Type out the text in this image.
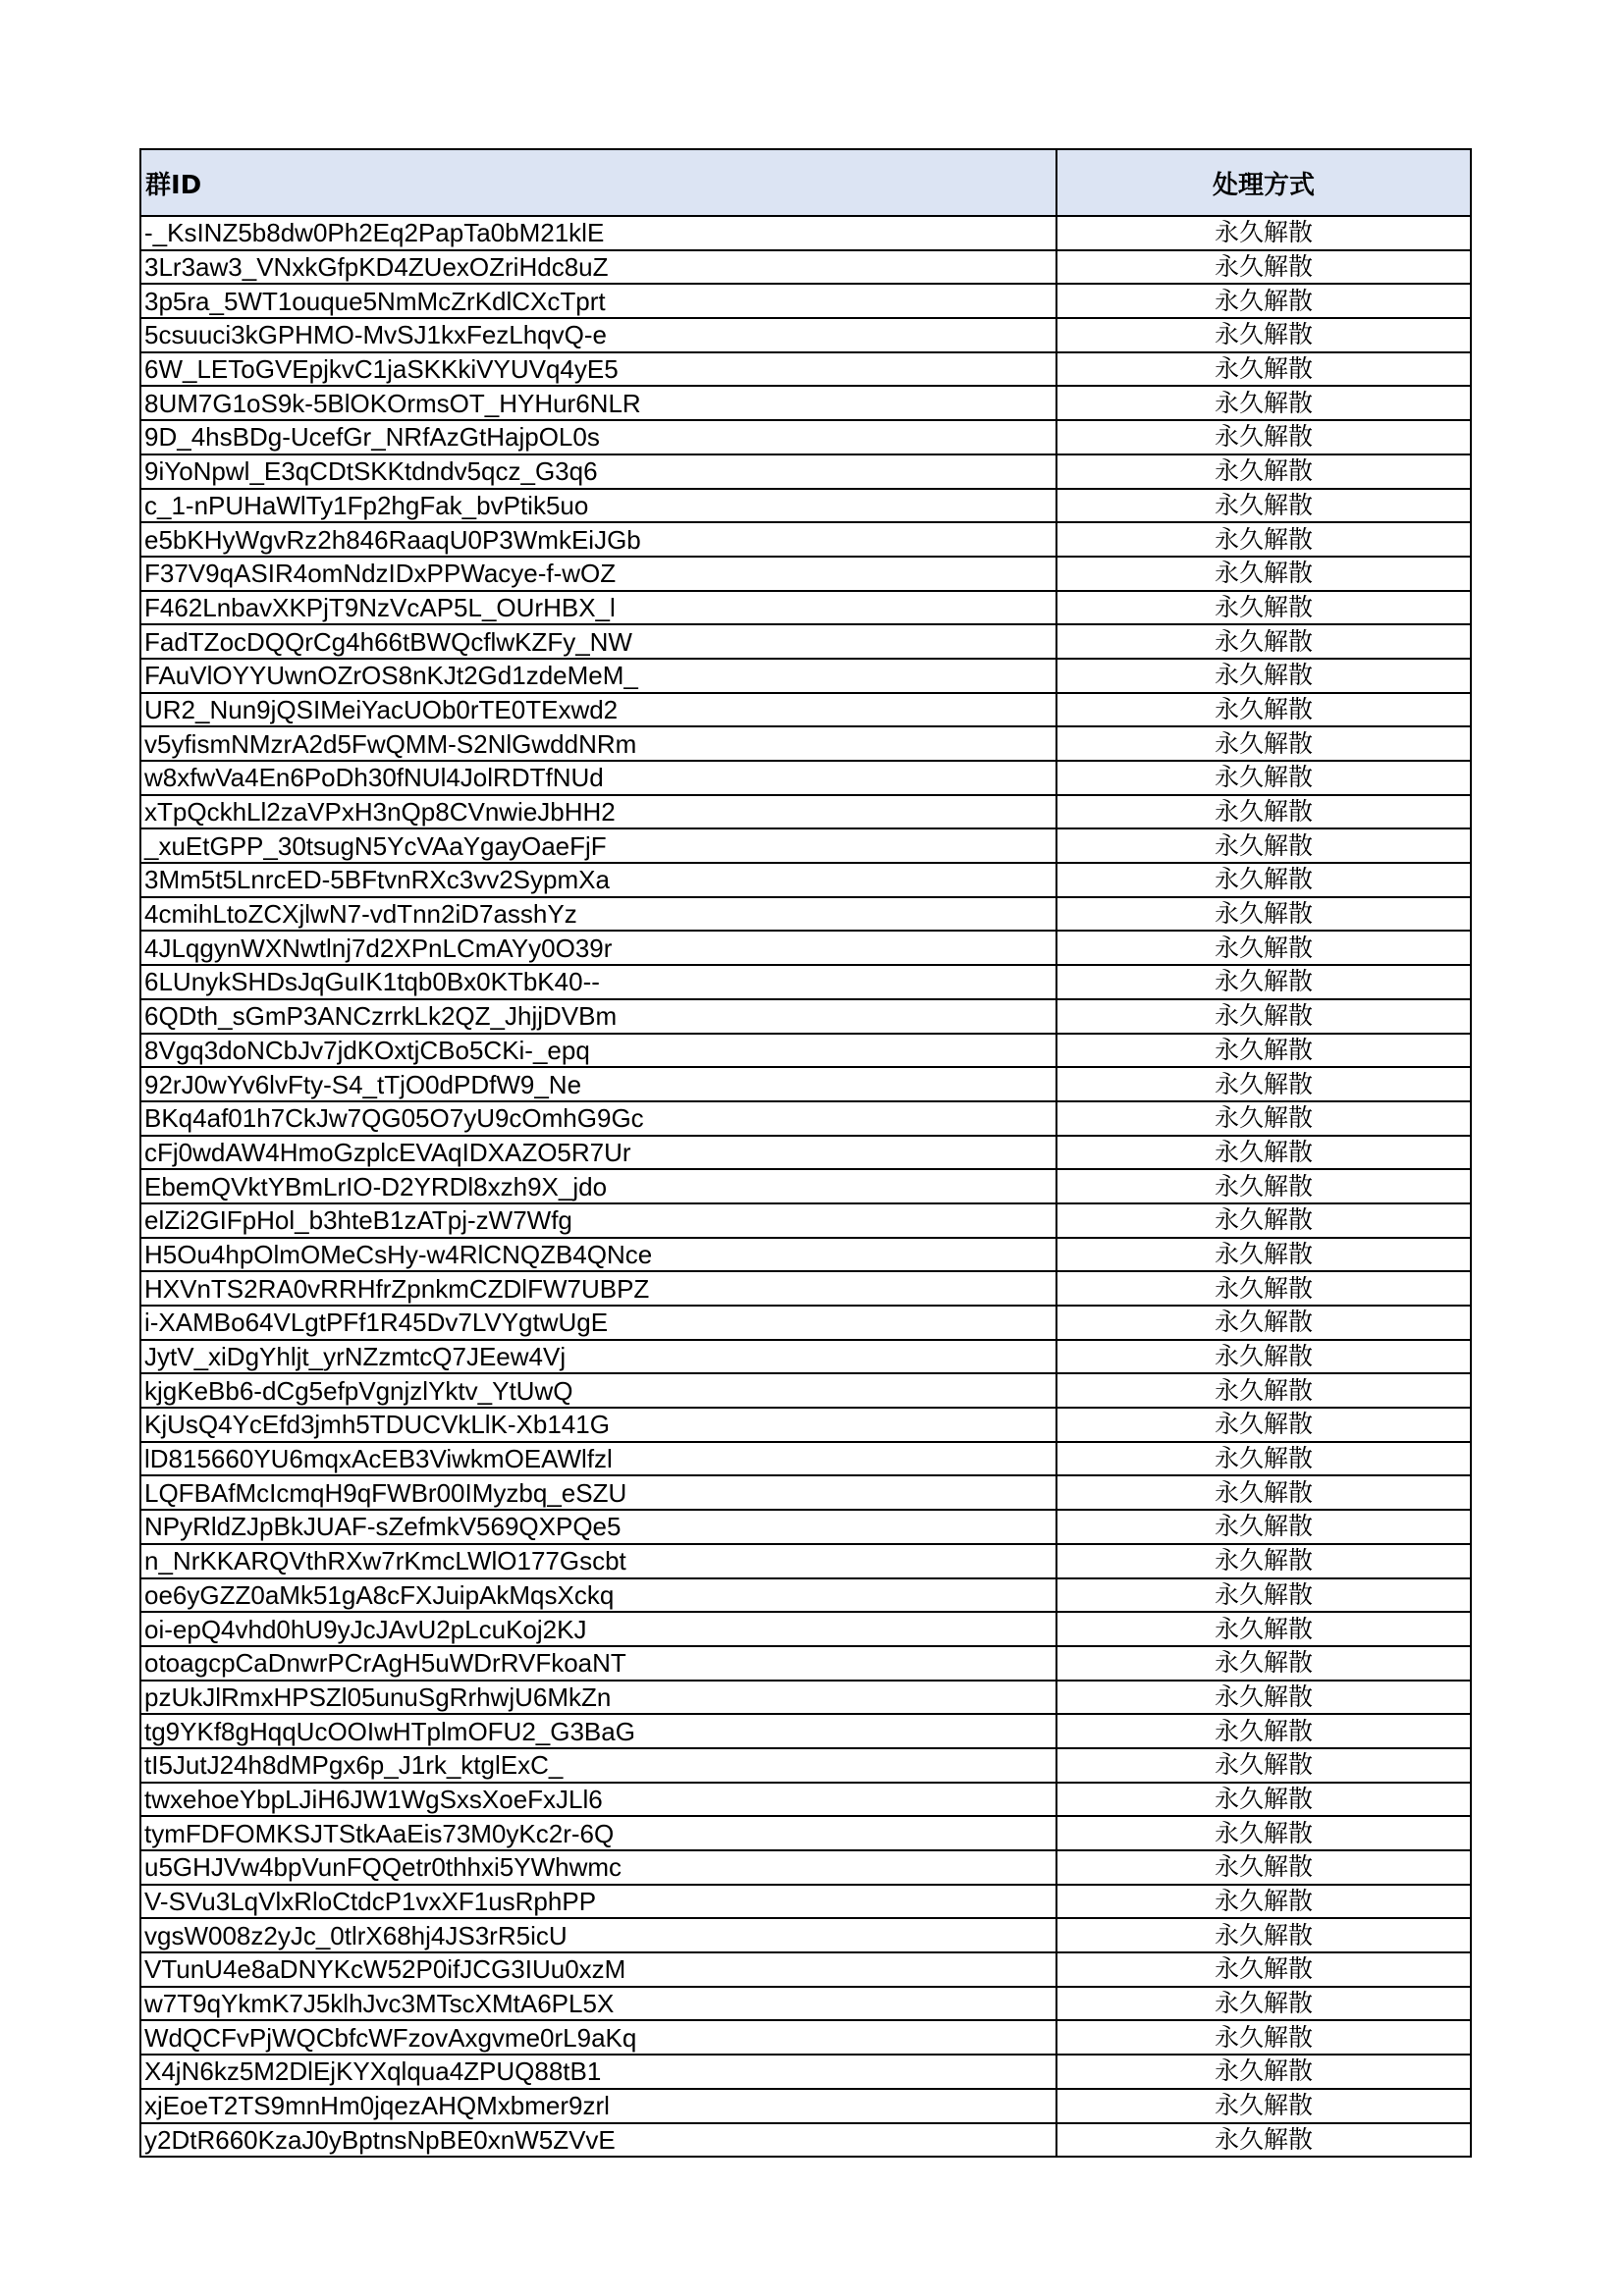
群ID	处理方式
-_KsINZ5b8dw0Ph2Eq2PapTa0bM21klE	永久解散
3Lr3aw3_VNxkGfpKD4ZUexOZriHdc8uZ	永久解散
3p5ra_5WT1ouque5NmMcZrKdlCXcTprt	永久解散
5csuuci3kGPHMO-MvSJ1kxFezLhqvQ-e	永久解散
6W_LEToGVEpjkvC1jaSKKkiVYUVq4yE5	永久解散
8UM7G1oS9k-5BlOKOrmsOT_HYHur6NLR	永久解散
9D_4hsBDg-UcefGr_NRfAzGtHajpOL0s	永久解散
9iYoNpwl_E3qCDtSKKtdndv5qcz_G3q6	永久解散
c_1-nPUHaWlTy1Fp2hgFak_bvPtik5uo	永久解散
e5bKHyWgvRz2h846RaaqU0P3WmkEiJGb	永久解散
F37V9qASIR4omNdzIDxPPWacye-f-wOZ	永久解散
F462LnbavXKPjT9NzVcAP5L_OUrHBX_l	永久解散
FadTZocDQQrCg4h66tBWQcflwKZFy_NW	永久解散
FAuVlOYYUwnOZrOS8nKJt2Gd1zdeMeM_	永久解散
UR2_Nun9jQSIMeiYacUOb0rTE0TExwd2	永久解散
v5yfismNMzrA2d5FwQMM-S2NlGwddNRm	永久解散
w8xfwVa4En6PoDh30fNUl4JolRDTfNUd	永久解散
xTpQckhLl2zaVPxH3nQp8CVnwieJbHH2	永久解散
_xuEtGPP_30tsugN5YcVAaYgayOaeFjF	永久解散
3Mm5t5LnrcED-5BFtvnRXc3vv2SypmXa	永久解散
4cmihLtoZCXjlwN7-vdTnn2iD7asshYz	永久解散
4JLqgynWXNwtlnj7d2XPnLCmAYy0O39r	永久解散
6LUnykSHDsJqGuIK1tqb0Bx0KTbK40--	永久解散
6QDth_sGmP3ANCzrrkLk2QZ_JhjjDVBm	永久解散
8Vgq3doNCbJv7jdKOxtjCBo5CKi-_epq	永久解散
92rJ0wYv6lvFty-S4_tTjO0dPDfW9_Ne	永久解散
BKq4af01h7CkJw7QG05O7yU9cOmhG9Gc	永久解散
cFj0wdAW4HmoGzplcEVAqIDXAZO5R7Ur	永久解散
EbemQVktYBmLrIO-D2YRDl8xzh9X_jdo	永久解散
elZi2GIFpHol_b3hteB1zATpj-zW7Wfg	永久解散
H5Ou4hpOlmOMeCsHy-w4RlCNQZB4QNce	永久解散
HXVnTS2RA0vRRHfrZpnkmCZDlFW7UBPZ	永久解散
i-XAMBo64VLgtPFf1R45Dv7LVYgtwUgE	永久解散
JytV_xiDgYhljt_yrNZzmtcQ7JEew4Vj	永久解散
kjgKeBb6-dCg5efpVgnjzlYktv_YtUwQ	永久解散
KjUsQ4YcEfd3jmh5TDUCVkLlK-Xb141G	永久解散
lD815660YU6mqxAcEB3ViwkmOEAWlfzl	永久解散
LQFBAfMcIcmqH9qFWBr00IMyzbq_eSZU	永久解散
NPyRldZJpBkJUAF-sZefmkV569QXPQe5	永久解散
n_NrKKARQVthRXw7rKmcLWlO177Gscbt	永久解散
oe6yGZZ0aMk51gA8cFXJuipAkMqsXckq	永久解散
oi-epQ4vhd0hU9yJcJAvU2pLcuKoj2KJ	永久解散
otoagcpCaDnwrPCrAgH5uWDrRVFkoaNT	永久解散
pzUkJlRmxHPSZl05unuSgRrhwjU6MkZn	永久解散
tg9YKf8gHqqUcOOIwHTplmOFU2_G3BaG	永久解散
tI5JutJ24h8dMPgx6p_J1rk_ktglExC_	永久解散
twxehoeYbpLJiH6JW1WgSxsXoeFxJLl6	永久解散
tymFDFOMKSJTStkAaEis73M0yKc2r-6Q	永久解散
u5GHJVw4bpVunFQQetr0thhxi5YWhwmc	永久解散
V-SVu3LqVlxRloCtdcP1vxXF1usRphPP	永久解散
vgsW008z2yJc_0tlrX68hj4JS3rR5icU	永久解散
VTunU4e8aDNYKcW52P0ifJCG3IUu0xzM	永久解散
w7T9qYkmK7J5klhJvc3MTscXMtA6PL5X	永久解散
WdQCFvPjWQCbfcWFzovAxgvme0rL9aKq	永久解散
X4jN6kz5M2DlEjKYXqlqua4ZPUQ88tB1	永久解散
xjEoeT2TS9mnHm0jqezAHQMxbmer9zrl	永久解散
y2DtR660KzaJ0yBptnsNpBE0xnW5ZVvE	永久解散
